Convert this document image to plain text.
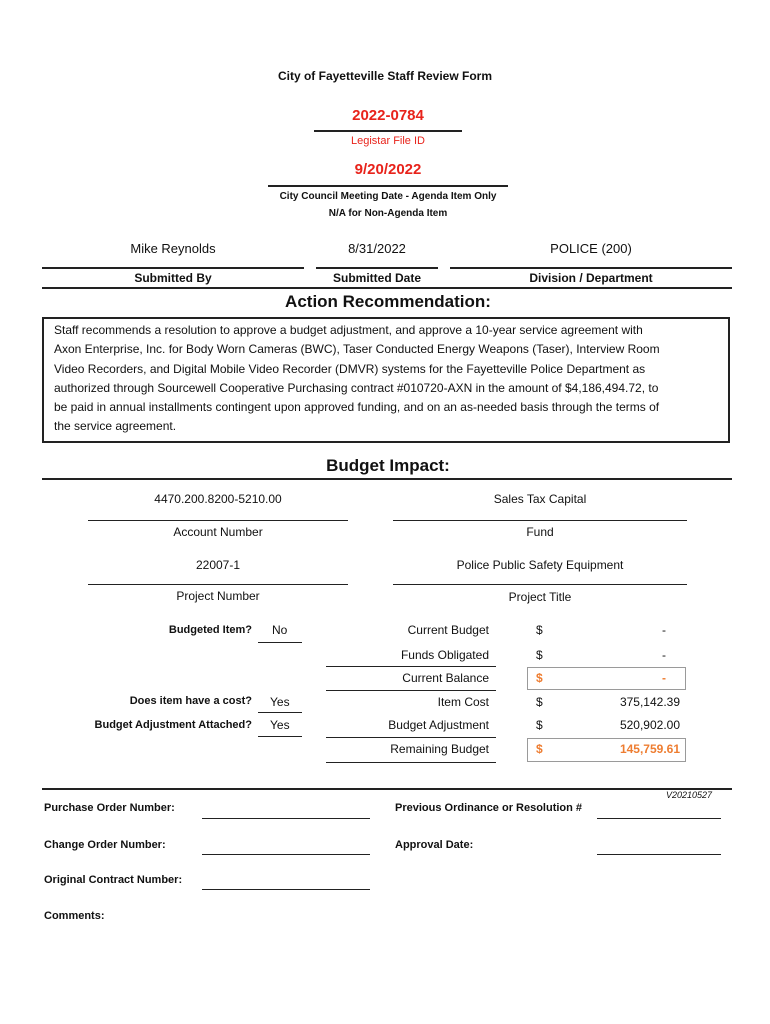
City of Fayetteville Staff Review Form
2022-0784
Legistar File ID
9/20/2022
City Council Meeting Date - Agenda Item Only
N/A for Non-Agenda Item
Mike Reynolds
Submitted By
8/31/2022
Submitted Date
POLICE (200)
Division / Department
Action Recommendation:
Staff recommends a resolution to approve a budget adjustment, and approve a 10-year service agreement with
Axon Enterprise, Inc. for Body Worn Cameras (BWC), Taser Conducted Energy Weapons (Taser), Interview Room
Video Recorders, and Digital Mobile Video Recorder (DMVR) systems for the Fayetteville Police Department as
authorized through Sourcewell Cooperative Purchasing contract #010720-AXN in the amount of $4,186,494.72, to
be paid in annual installments contingent upon approved funding, and on an as-needed basis through the terms of
the service agreement.
Budget Impact:
4470.200.8200-5210.00
Account Number
Sales Tax Capital
Fund
22007-1
Project Number
Police Public Safety Equipment
Project Title
Budgeted Item? No
Does item have a cost? Yes
Budget Adjustment Attached? Yes
Current Budget	$	-
Funds Obligated	$	-
Current Balance	$	-
Item Cost	$	375,142.39
Budget Adjustment	$	520,902.00
Remaining Budget	$	145,759.61
V20210527
Purchase Order Number:	Previous Ordinance or Resolution #
Change Order Number:	Approval Date:
Original Contract Number:
Comments:
